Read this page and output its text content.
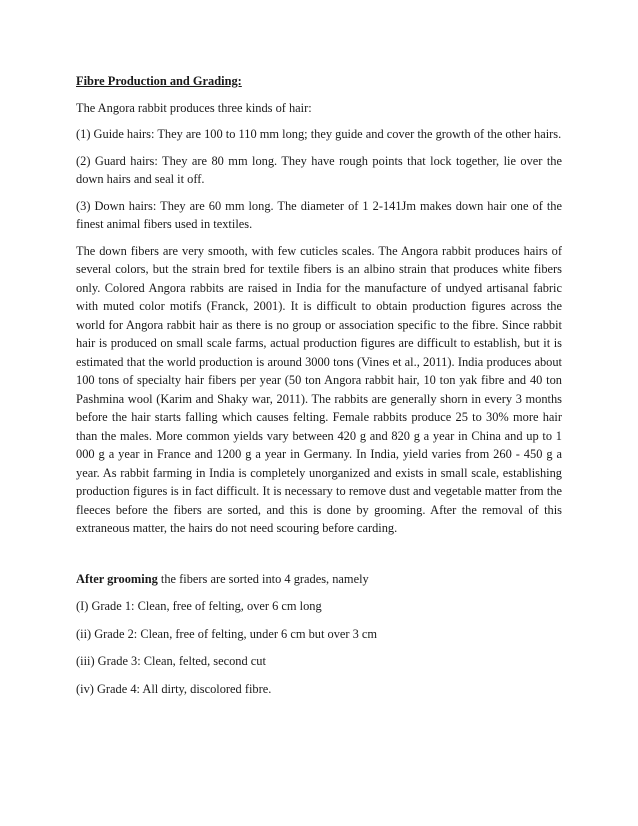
Fibre Production and Grading:

The Angora rabbit produces three kinds of hair:

(1) Guide hairs: They are 100 to 110 mm long; they guide and cover the growth of the other hairs.

(2) Guard hairs: They are 80 mm long. They have rough points that lock together, lie over the down hairs and seal it off.

(3) Down hairs: They are 60 mm long. The diameter of 1 2-141Jm makes down hair one of the finest animal fibers used in textiles.

The down fibers are very smooth, with few cuticles scales. The Angora rabbit produces hairs of several colors, but the strain bred for textile fibers is an albino strain that produces white fibers only. Colored Angora rabbits are raised in India for the manufacture of undyed artisanal fabric with muted color motifs (Franck, 2001). It is difficult to obtain production figures across the world for Angora rabbit hair as there is no group or association specific to the fibre. Since rabbit hair is produced on small scale farms, actual production figures are difficult to establish, but it is estimated that the world production is around 3000 tons (Vines et al., 2011). India produces about 100 tons of specialty hair fibers per year (50 ton Angora rabbit hair, 10 ton yak fibre and 40 ton Pashmina wool (Karim and Shaky war, 2011). The rabbits are generally shorn in every 3 months before the hair starts falling which causes felting. Female rabbits produce 25 to 30% more hair than the males. More common yields vary between 420 g and 820 g a year in China and up to 1 000 g a year in France and 1200 g a year in Germany. In India, yield varies from 260 - 450 g a year. As rabbit farming in India is completely unorganized and exists in small scale, establishing production figures is in fact difficult. It is necessary to remove dust and vegetable matter from the fleeces before the fibers are sorted, and this is done by grooming. After the removal of this extraneous matter, the hairs do not need scouring before carding.

After grooming the fibers are sorted into 4 grades, namely

(I) Grade 1: Clean, free of felting, over 6 cm long

(ii) Grade 2: Clean, free of felting, under 6 cm but over 3 cm

(iii) Grade 3: Clean, felted, second cut

(iv) Grade 4: All dirty, discolored fibre.
